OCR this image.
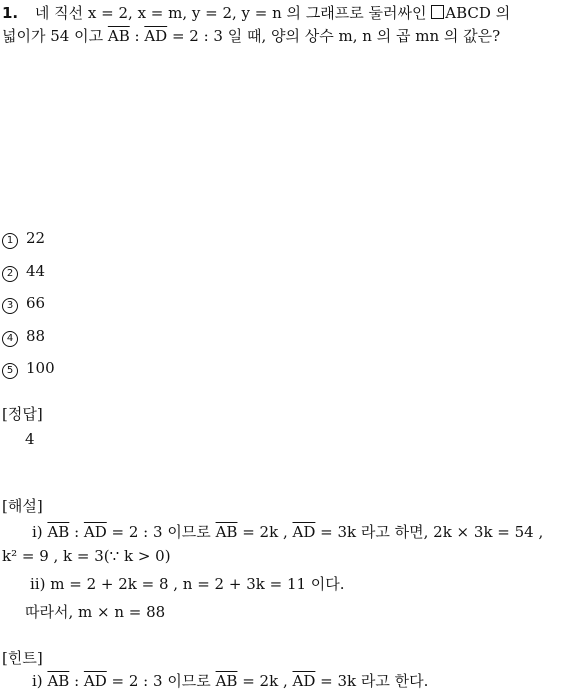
1. 네 직선 x = 2, x = m, y = 2, y = n 의 그래프로 둘러싸인 ABCD 의
넓이가 54 이고 $\overline{AB}$ : $\overline{AD} = 2$ : 3 일 때, 양의 상수 m, n 의 곱 mn 의 값은?
1 22
2 44
3 66
4 88
5 100
[정답]
4
[해설]
ⅰ) $\overline{AB}$ : $\overline{AD} = 2$ : 3 이므로 $\overline{AB} = 2k$ , $\overline{AD} = 3k$ 라고 하면, 2k × 3k = 54 ,
k² = 9 , k = 3(∵ k > 0)
ⅱ) m = 2 + 2k = 8 , n = 2 + 3k = 11 이다.
따라서, m × n = 88
[힌트]
ⅰ) $\overline{AB}$ : $\overline{AD} = 2$ : 3 이므로 $\overline{AB} = 2k$ , $\overline{AD} = 3k$ 라고 한다.
